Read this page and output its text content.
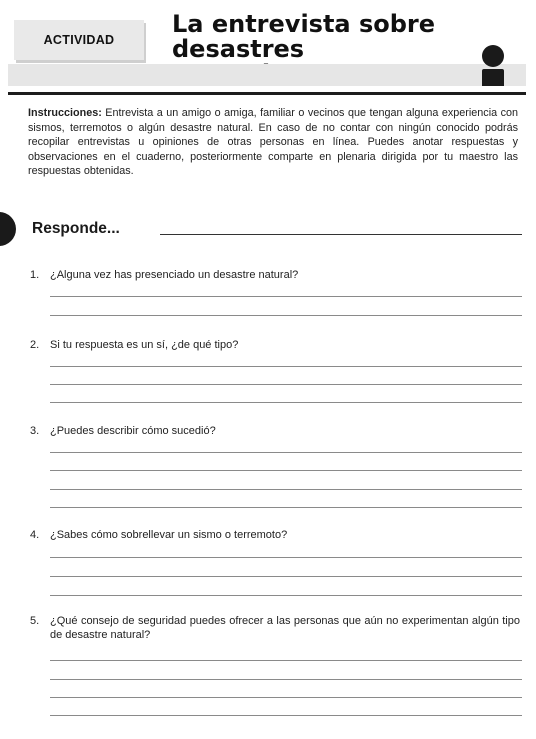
ACTIVIDAD
La entrevista sobre desastres
Instrucciones: Entrevista a un amigo o amiga, familiar o vecinos que tengan alguna experiencia con sismos, terremotos o algún desastre natural. En caso de no contar con ningún conocido podrás recopilar entrevistas u opiniones de otras personas en línea. Puedes anotar respuestas y observaciones en el cuaderno, posteriormente comparte en plenaria dirigida por tu maestro las respuestas obtenidas.
Responde...
1. ¿Alguna vez has presenciado un desastre natural?
2. Si tu respuesta es un sí, ¿de qué tipo?
3. ¿Puedes describir cómo sucedió?
4. ¿Sabes cómo sobrellevar un sismo o terremoto?
5. ¿Qué consejo de seguridad puedes ofrecer a las personas que aún no experimentan algún tipo de desastre natural?
